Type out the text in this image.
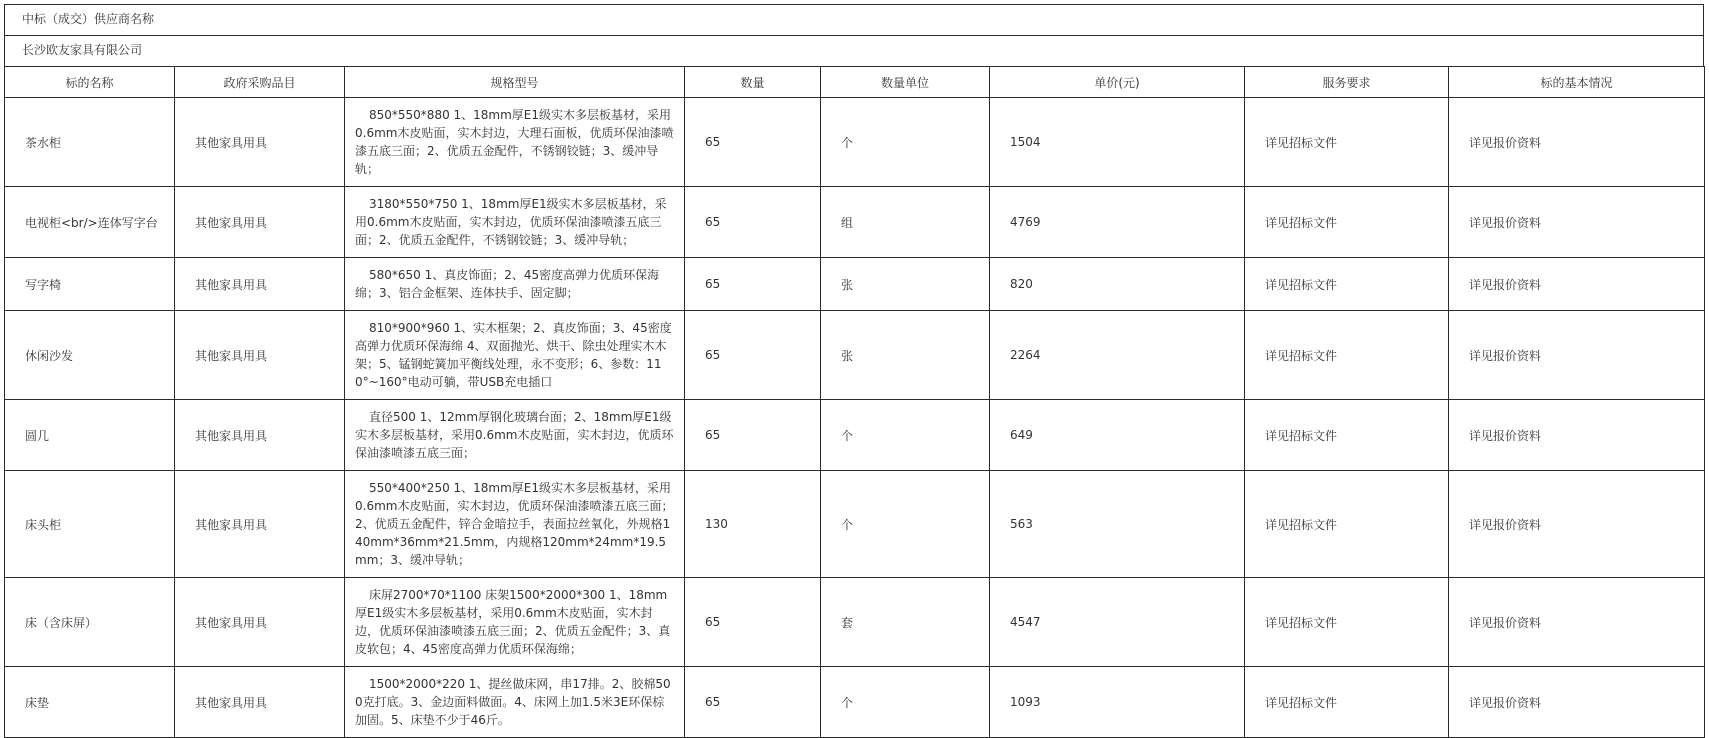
中标（成交）供应商名称
长沙欧友家具有限公司
标的名称	政府采购品目	规格型号	数量	数量单位	单价(元)	服务要求	标的基本情况
茶水柜	其他家具用具	850*550*880 1、18mm厚E1级实木多层板基材，采用0.6mm木皮贴面，实木封边，大理石面板，优质环保油漆喷漆五底三面；2、优质五金配件，不锈钢铰链；3、缓冲导轨；	65	个	1504	详见招标文件	详见报价资料
电视柜<br/>连体写字台	其他家具用具	3180*550*750 1、18mm厚E1级实木多层板基材，采用0.6mm木皮贴面，实木封边，优质环保油漆喷漆五底三面；2、优质五金配件，不锈钢铰链；3、缓冲导轨；	65	组	4769	详见招标文件	详见报价资料
写字椅	其他家具用具	580*650 1、真皮饰面；2、45密度高弹力优质环保海绵；3、铝合金框架、连体扶手、固定脚；	65	张	820	详见招标文件	详见报价资料
休闲沙发	其他家具用具	810*900*960 1、实木框架；2、真皮饰面；3、45密度高弹力优质环保海绵 4、双面抛光、烘干、除虫处理实木木架；5、锰钢蛇簧加平衡线处理，永不变形；6、参数：110°~160°电动可躺，带USB充电插口	65	张	2264	详见招标文件	详见报价资料
圆几	其他家具用具	直径500 1、12mm厚钢化玻璃台面；2、18mm厚E1级实木多层板基材，采用0.6mm木皮贴面，实木封边，优质环保油漆喷漆五底三面；	65	个	649	详见招标文件	详见报价资料
床头柜	其他家具用具	550*400*250 1、18mm厚E1级实木多层板基材，采用0.6mm木皮贴面，实木封边，优质环保油漆喷漆五底三面；2、优质五金配件，锌合金暗拉手，表面拉丝氧化，外规格140mm*36mm*21.5mm，内规格120mm*24mm*19.5mm；3、缓冲导轨；	130	个	563	详见招标文件	详见报价资料
床（含床屏）	其他家具用具	床屏2700*70*1100 床架1500*2000*300 1、18mm厚E1级实木多层板基材，采用0.6mm木皮贴面，实木封边，优质环保油漆喷漆五底三面；2、优质五金配件；3、真皮软包；4、45密度高弹力优质环保海绵；	65	套	4547	详见招标文件	详见报价资料
床垫	其他家具用具	1500*2000*220 1、提丝做床网，串17排。2、胶棉500克打底。3、金边面料做面。4、床网上加1.5米3E环保棕加固。5、床垫不少于46斤。	65	个	1093	详见招标文件	详见报价资料
